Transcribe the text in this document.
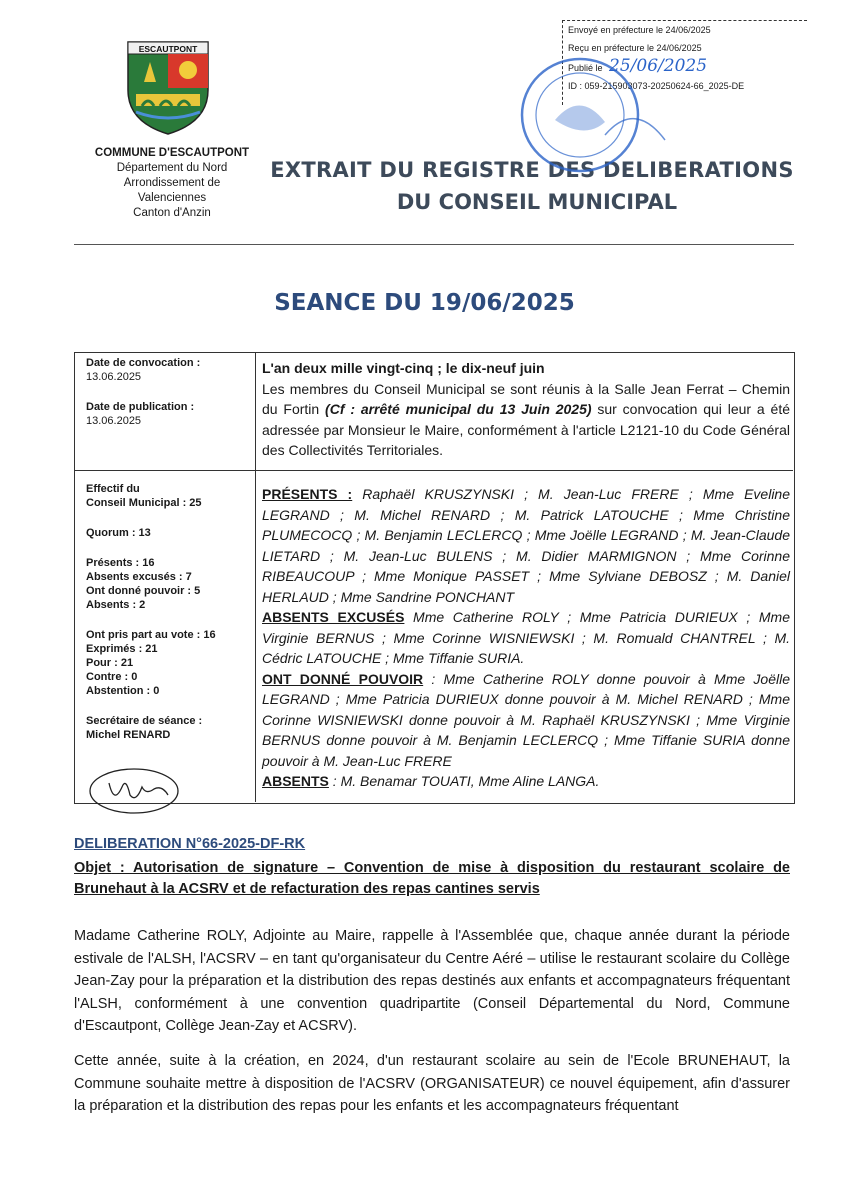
ESCAUTPONT
COMMUNE D'ESCAUTPONT
Département du Nord
Arrondissement de
Valenciennes
Canton d'Anzin
EXTRAIT DU REGISTRE DES DELIBERATIONS
DU CONSEIL MUNICIPAL
Envoyé en préfecture le 24/06/2025
Reçu en préfecture le 24/06/2025
Publié le 25/06/2025
ID : 059-215903073-20250624-66_2025-DE
SEANCE DU 19/06/2025
Date de convocation :
13.06.2025
Date de publication :
13.06.2025

Effectif du

Conseil Municipal : 25

Quorum : 13

Présents : 16

Absents excusés : 7

Ont donné pouvoir : 5

Absents : 2

Ont pris part au vote : 16

Exprimés : 21

Pour : 21

Contre : 0

Abstention : 0

Secrétaire de séance :

Michel RENARD

L'an deux mille vingt-cinq ; le dix-neuf juin

Les membres du Conseil Municipal se sont réunis à la Salle Jean Ferrat – Chemin du Fortin (Cf : arrêté municipal du 13 Juin 2025) sur convocation qui leur a été adressée par Monsieur le Maire, conformément à l'article L2121-10 du Code Général des Collectivités Territoriales.

PRÉSENTS : Raphaël KRUSZYNSKI ; M. Jean-Luc FRERE ; Mme Eveline LEGRAND ; M. Michel RENARD ; M. Patrick LATOUCHE ; Mme Christine PLUMECOCQ ; M. Benjamin LECLERCQ ; Mme Joëlle LEGRAND ; M. Jean-Claude LIETARD ; M. Jean-Luc BULENS ; M. Didier MARMIGNON ; Mme Corinne RIBEAUCOUP ; Mme Monique PASSET ; Mme Sylviane DEBOSZ ; M. Daniel HERLAUD ; Mme Sandrine PONCHANT

ABSENTS EXCUSÉS Mme Catherine ROLY ; Mme Patricia DURIEUX ; Mme Virginie BERNUS ; Mme Corinne WISNIEWSKI ; M. Romuald CHANTREL ; M. Cédric LATOUCHE ; Mme Tiffanie SURIA.

ONT DONNÉ POUVOIR : Mme Catherine ROLY donne pouvoir à Mme Joëlle LEGRAND ; Mme Patricia DURIEUX donne pouvoir à M. Michel RENARD ; Mme Corinne WISNIEWSKI donne pouvoir à M. Raphaël KRUSZYNSKI ; Mme Virginie BERNUS donne pouvoir à M. Benjamin LECLERCQ ; Mme Tiffanie SURIA donne pouvoir à M. Jean-Luc FRERE

ABSENTS : M. Benamar TOUATI, Mme Aline LANGA.

DELIBERATION N°66-2025-DF-RK
Objet : Autorisation de signature – Convention de mise à disposition du restaurant scolaire de Brunehaut à la ACSRV et de refacturation des repas cantines servis
Madame Catherine ROLY, Adjointe au Maire, rappelle à l'Assemblée que, chaque année durant la période estivale de l'ALSH, l'ACSRV – en tant qu'organisateur du Centre Aéré – utilise le restaurant scolaire du Collège Jean-Zay pour la préparation et la distribution des repas destinés aux enfants et accompagnateurs fréquentant l'ALSH, conformément à une convention quadripartite (Conseil Départemental du Nord, Commune d'Escautpont, Collège Jean-Zay et ACSRV).
Cette année, suite à la création, en 2024, d'un restaurant scolaire au sein de l'Ecole BRUNEHAUT, la Commune souhaite mettre à disposition de l'ACSRV (ORGANISATEUR) ce nouvel équipement, afin d'assurer la préparation et la distribution des repas pour les enfants et les accompagnateurs fréquentant
